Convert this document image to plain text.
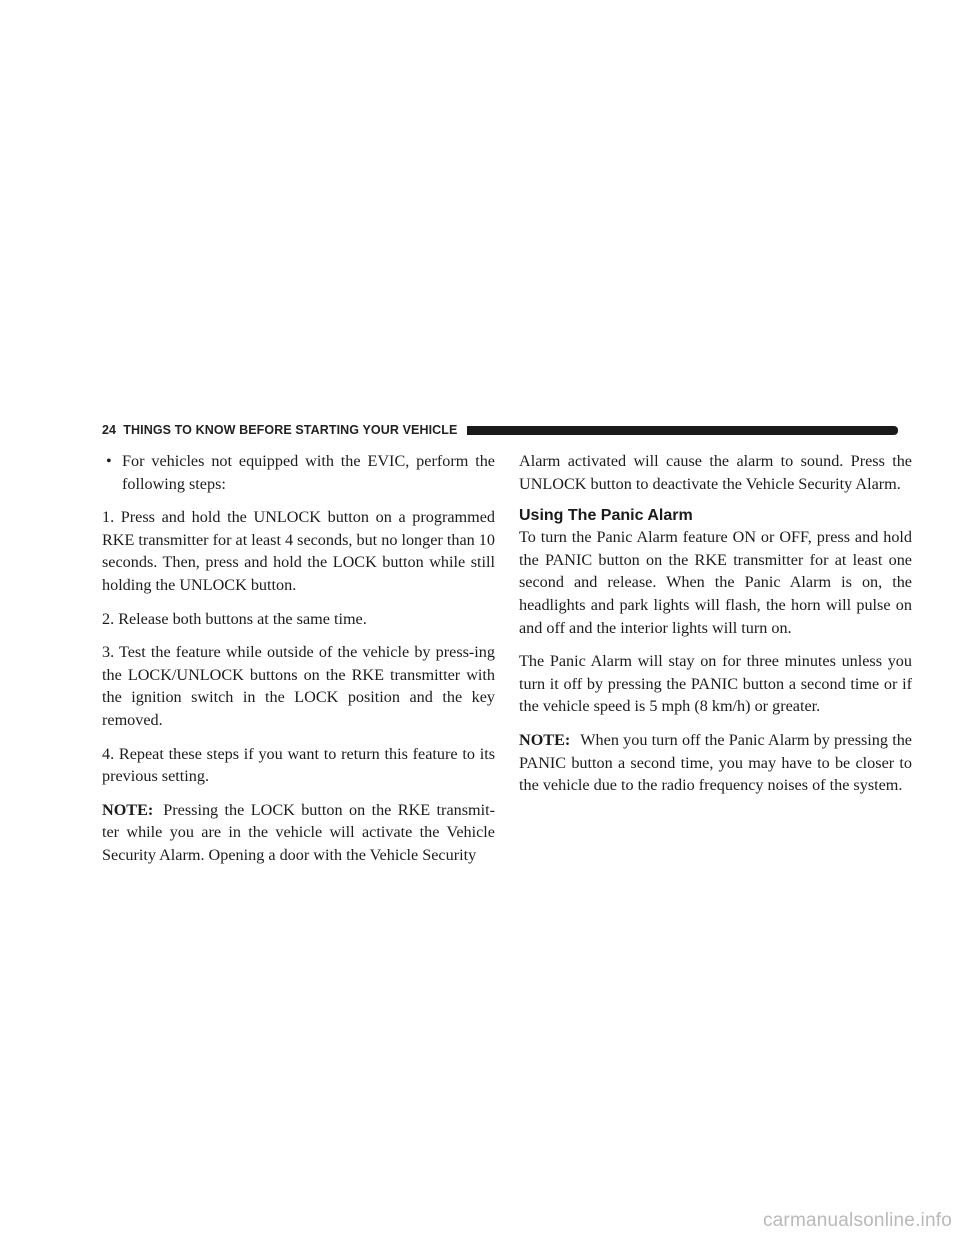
24 THINGS TO KNOW BEFORE STARTING YOUR VEHICLE

• For vehicles not equipped with the EVIC, perform the following steps:

1. Press and hold the UNLOCK button on a programmed RKE transmitter for at least 4 seconds, but no longer than 10 seconds. Then, press and hold the LOCK button while still holding the UNLOCK button.

2. Release both buttons at the same time.

3. Test the feature while outside of the vehicle by press-ing the LOCK/UNLOCK buttons on the RKE transmitter with the ignition switch in the LOCK position and the key removed.

4. Repeat these steps if you want to return this feature to its previous setting.

NOTE: Pressing the LOCK button on the RKE transmit-ter while you are in the vehicle will activate the Vehicle Security Alarm. Opening a door with the Vehicle Security

Alarm activated will cause the alarm to sound. Press the UNLOCK button to deactivate the Vehicle Security Alarm.

Using The Panic Alarm

To turn the Panic Alarm feature ON or OFF, press and hold the PANIC button on the RKE transmitter for at least one second and release. When the Panic Alarm is on, the headlights and park lights will flash, the horn will pulse on and off and the interior lights will turn on.

The Panic Alarm will stay on for three minutes unless you turn it off by pressing the PANIC button a second time or if the vehicle speed is 5 mph (8 km/h) or greater.

NOTE: When you turn off the Panic Alarm by pressing the PANIC button a second time, you may have to be closer to the vehicle due to the radio frequency noises of the system.

carmanualsonline.info
